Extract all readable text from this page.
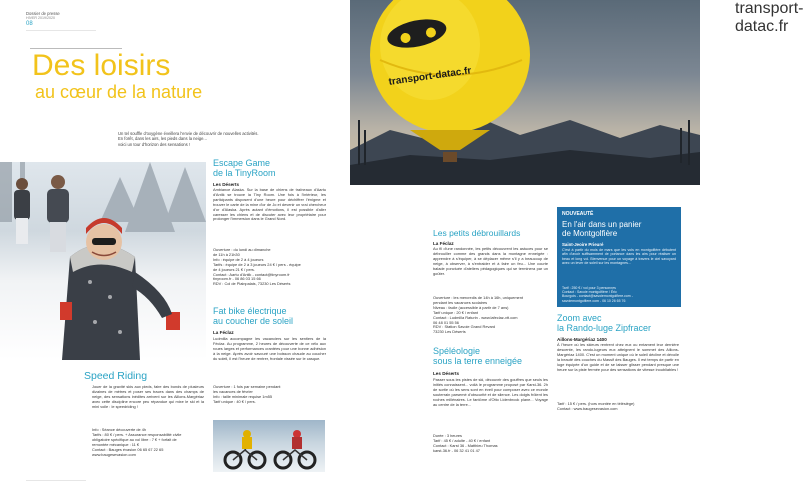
Dossier de presse
HIVER 2019/2020
08
Des loisirs
au cœur de la nature
Un tel souffle d'oxygène éveillera l'envie de découvrir de nouvelles activités.
En forêt, dans les airs, les pieds dans la neige...
voici un tour d'horizon des sensations !
Escape Game
de la TinyRoom
Les Déserts
Ambiance Alaska. Sur la base de chiens de traîneaux d'Aartu d'Antik se trouve la Tiny Room. Une fois à l'intérieur, les participants disposent d'une heure pour déchiffrer l'énigme et trouver le carte de la mine d'or de Jo et devenir un vrai chercheur d'or d'Alaska. Après autant d'émotions, il est possible d'aller caresser les chiens et de discuter avec leur propriétaire pour prolonger l'immersion dans le Grand Nord.
Ouverture : du lundi au dimanche
de 11h à 21h30
Info : équipe de 2 à 4 joueurs
Tarifs : équipe de 2 à 3 joueurs 24 € / pers - équipe
de 4 joueurs 21 € / pers.
Contact : Aartu d'Antik - contact@tinyroom.fr
tinyroom.fr - 06 86 03 15 66
RDV : Col de Plainpalais, 73230 Les Déserts
Fat bike électrique
au coucher de soleil
La Féclaz
Ludmilla accompagne les vacanciers sur les sentiers de la Féclaz. Au programme, 2 heures de découverte de ce vélo aux roues larges et performances crantées pour une bonne adhésion à la neige. Après avoir savouré une boisson chaude au coucher du soleil, il est l'heure de rentrer, frontale vissée sur le casque.
Ouverture : 1 fois par semaine pendant
les vacances de février
Info : taille minimale requise 1m55
Tarif unique : 40 € / pers.
Speed Riding
Jouer de la gravité skis aux pieds, faire des bonds de plusieurs dizaines de mètres et poser ses traces dans des champs de neige, des sensations inédites arrivent sur les Aillons-Margériaz avec cette discipline encore peu répandue qui mixe le ski et la mini voile : le speedriding !
Info : Séance découverte de 4h
Tarifs : 80 € / pers. + Assurance responsabilité civile
obligatoire spécifique au vol libre : 7 € + forfait de
remontée mécanique : 11 €
Contact : Bauges évasion 06 65 67 22 65
www.baugesevasion.com
transport-datac.fr
transport-datac.fr
Les petits débrouillards
La Féclaz
Au fil d'une randonnée, les petits découvrent les astuces pour se débrouiller comme des grands dans la montagne enneigée : apprendre à s'équiper, à se déplacer même s'il y a beaucoup de neige, à observer, à s'entraider et à faire un feu... Une courte balade ponctuée d'ateliers pédagogiques qui se terminera par un goûter.
Ouverture : les mercredis de 14h à 16h, uniquement
pendant les vacances scolaires
Niveau : facile (accessible à partir de 7 ans)
Tarif unique : 20 € / enfant
Contact : Ludmilla Raturin - www.lafeclaz-vtt.com
06 48 01 55 56
RDV : Station Savoie Grand Revard
73230 Les Déserts
Spéléologie
sous la terre enneigée
Les Déserts
Passer sous les pistes de ski, découvrir des gouffres que seuls les initiés connaissent... voilà le programme proposé par Karst-36. 2h de sortie où les sens sont en éveil pour composer avec ce monde souterrain parsemé d'obscurité et de silence. Les doigts frôlent les roches millénaires. Le fantôme d'Otto Lidenbrock plane... Voyage au centre de la terre...
Durée : 3 heures
Tarif : 45 € / adulte - 40 € / enfant
Contact : Karst 36 - Matthieu Thomas
karst-36.fr - 06 32 41 01 47
NOUVEAUTÉ
En l'air dans un panier
de Montgolfière
Saint-Jeoire Prieuré
C'est à partir du mois de mars que les vols en montgolfière débutent afin d'avoir suffisamment de portance dans les airs pour réaliser un beau et long vol. Bienvenue pour un voyage à travers le ciel savoyard avec un lever de soleil sur les montagnes...
Tarif : 250 € / vol pour 3 personnes
Contact : Savoie montgolfière / Éric
Bourgois - contact@savoiemontgolfiere.com -
savoiemontgolfiere.com - 06 10 26 65 76
Zoom avec
la Rando-luge Zipfracer
Aillons-Margériaz 1400
À l'heure où les skieurs rentrent chez eux ou entament leur dernière descente, les rando-lugeurs eux atteignent le sommet des Aillons-Margériaz 1400. C'est un moment unique où le soleil décline et dévoile la beauté des couches du Massif des Bauges. Il est temps de partir en luge équipée d'un guide et de se laisser glisser pendant presque une heure sur la piste fermée pour des sensations de vitesse inoubliables !
Tarif : 15 € / pers. (hors montée en télésiège)
Contact : www.baugesevasion.com
